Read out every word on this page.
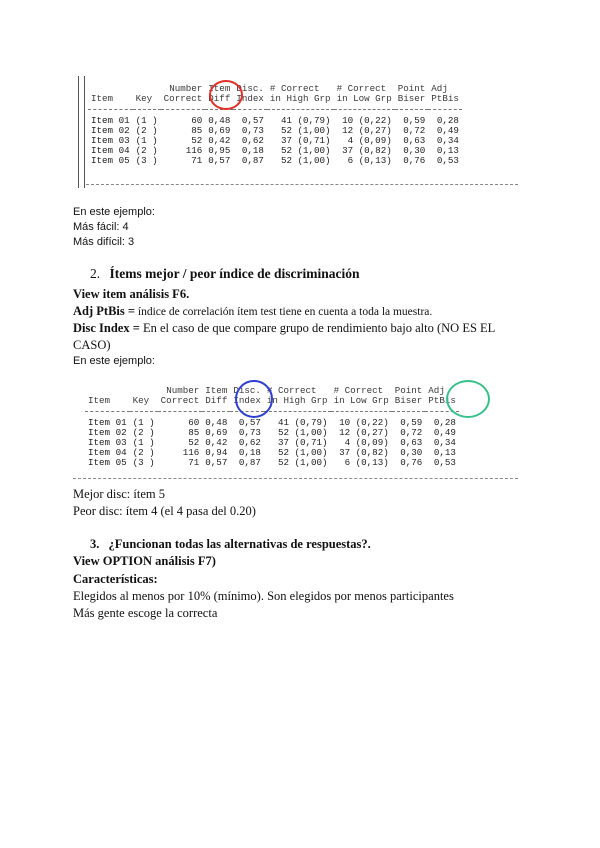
		Number	Item	Disc.	# Correct	# Correct	Point	Adj
Item	Key	Correct	Diff	Index	in High Grp	in Low Grp	Biser	PtBis

Item 01	(1 )	60	0,48	0,57	41 (0,79)	10 (0,22)	0,59	0,28
Item 02	(2 )	85	0,69	0,73	52 (1,00)	12 (0,27)	0,72	0,49
Item 03	(1 )	52	0,42	0,62	37 (0,71)	4 (0,09)	0,63	0,34
Item 04	(2 )	116	0,95	0,18	52 (1,00)	37 (0,82)	0,30	0,13
Item 05	(3 )	71	0,57	0,87	52 (1,00)	6 (0,13)	0,76	0,53
En este ejemplo:
Más fácil: 4
Más difícil: 3
2. Ítems mejor / peor índice de discriminación
View item análisis F6.
Adj PtBis = índice de correlación ítem test tiene en cuenta a toda la muestra.
Disc Index = En el caso de que compare grupo de rendimiento bajo alto (NO ES EL
CASO)
En este ejemplo:
		Number	Item	Disc.	# Correct	# Correct	Point	Adj
Item	Key	Correct	Diff	Index	in High Grp	in Low Grp	Biser	PtBis

Item 01	(1 )	60	0,48	0,57	41 (0,79)	10 (0,22)	0,59	0,28
Item 02	(2 )	85	0,69	0,73	52 (1,00)	12 (0,27)	0,72	0,49
Item 03	(1 )	52	0,42	0,62	37 (0,71)	4 (0,09)	0,63	0,34
Item 04	(2 )	116	0,94	0,18	52 (1,00)	37 (0,82)	0,30	0,13
Item 05	(3 )	71	0,57	0,87	52 (1,00)	6 (0,13)	0,76	0,53
Mejor disc: ítem 5
Peor disc: ítem 4 (el 4 pasa del 0.20)
3. ¿Funcionan todas las alternativas de respuestas?.
View OPTION análisis F7)
Características:
Elegidos al menos por 10% (mínimo). Son elegidos por menos participantes
Más gente escoge la correcta
